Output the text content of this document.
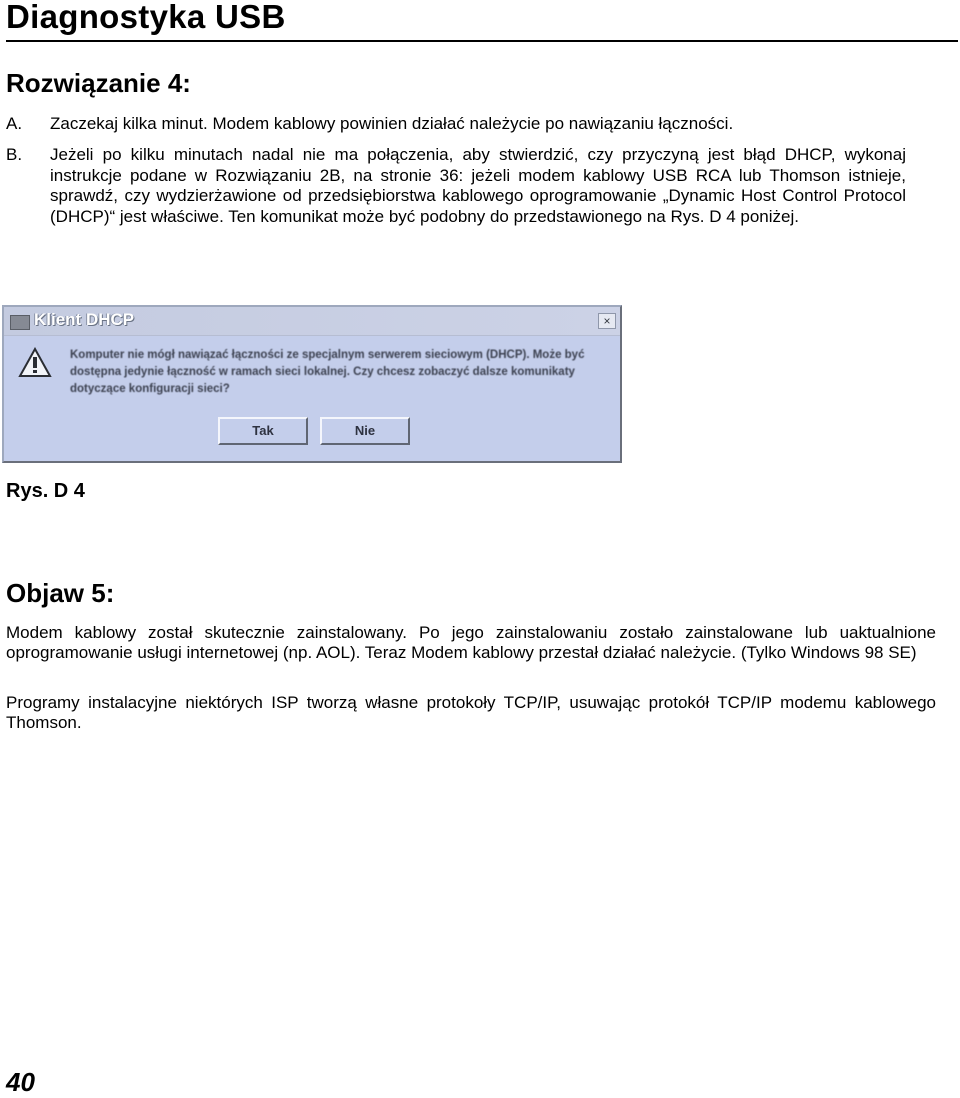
Diagnostyka USB
Rozwiązanie 4:
A.	Zaczekaj kilka minut. Modem kablowy powinien działać należycie po nawiązaniu łączności.
B.	Jeżeli po kilku minutach nadal nie ma połączenia, aby stwierdzić, czy przyczyną jest błąd DHCP, wykonaj instrukcje podane w Rozwiązaniu 2B, na stronie 36: jeżeli modem kablowy USB RCA lub Thomson istnieje, sprawdź, czy wydzierżawione od przedsiębiorstwa kablowego oprogramowanie „Dynamic Host Control Protocol (DHCP)“ jest właściwe. Ten komunikat może być podobny do przedstawionego na Rys. D 4 poniżej.
Klient DHCP	×
Komputer nie mógł nawiązać łączności ze specjalnym serwerem sieciowym (DHCP). Może być dostępna jedynie łączność w ramach sieci lokalnej. Czy chcesz zobaczyć dalsze komunikaty dotyczące konfiguracji sieci?
Tak	Nie
Rys. D 4
Objaw 5:
Modem kablowy został skutecznie zainstalowany. Po jego zainstalowaniu zostało zainstalowane lub uaktualnione oprogramowanie usługi internetowej (np. AOL). Teraz Modem kablowy przestał działać należycie. (Tylko Windows 98 SE)
Programy instalacyjne niektórych ISP tworzą własne protokoły TCP/IP, usuwając protokół TCP/IP modemu kablowego Thomson.
40
